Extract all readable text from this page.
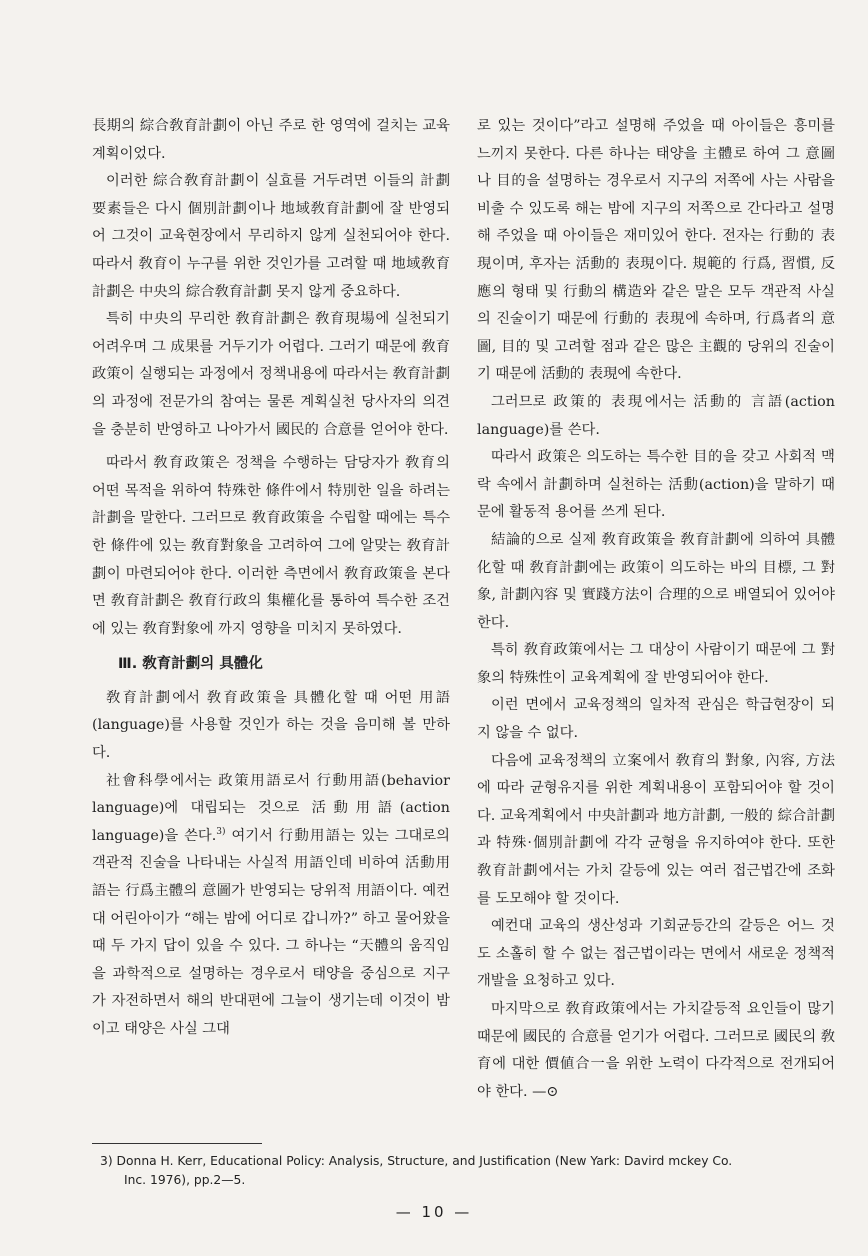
長期의 綜合敎育計劃이 아닌 주로 한 영역에 걸치는 교육계획이었다.

이러한 綜合敎育計劃이 실효를 거두려면 이들의 計劃要素들은 다시 個別計劃이나 地域敎育計劃에 잘 반영되어 그것이 교육현장에서 무리하지 않게 실천되어야 한다. 따라서 敎育이 누구를 위한 것인가를 고려할 때 地域敎育計劃은 中央의 綜合敎育計劃 못지 않게 중요하다.

특히 中央의 무리한 敎育計劃은 敎育現場에 실천되기 어려우며 그 成果를 거두기가 어렵다. 그러기 때문에 敎育政策이 실행되는 과정에서 정책내용에 따라서는 敎育計劃의 과정에 전문가의 참여는 물론 계획실천 당사자의 의견을 충분히 반영하고 나아가서 國民的 合意를 얻어야 한다.

따라서 敎育政策은 정책을 수행하는 담당자가 敎育의 어떤 목적을 위하여 特殊한 條件에서 特別한 일을 하려는 計劃을 말한다. 그러므로 敎育政策을 수립할 때에는 특수한 條件에 있는 敎育對象을 고려하여 그에 알맞는 敎育計劃이 마련되어야 한다. 이러한 측면에서 敎育政策을 본다면 敎育計劃은 敎育行政의 集權化를 통하여 특수한 조건에 있는 敎育對象에 까지 영향을 미치지 못하였다.

Ⅲ. 敎育計劃의 具體化

敎育計劃에서 敎育政策을 具體化할 때 어떤 用語(language)를 사용할 것인가 하는 것을 음미해 볼 만하다.

社會科學에서는 政策用語로서 行動用語(behavior language)에 대립되는 것으로 活動用語(action language)을 쓴다.$^{3)}$ 여기서 行動用語는 있는 그대로의 객관적 진술을 나타내는 사실적 用語인데 비하여 活動用語는 行爲主體의 意圖가 반영되는 당위적 用語이다. 예컨대 어린아이가 “해는 밤에 어디로 갑니까?” 하고 물어왔을 때 두 가지 답이 있을 수 있다. 그 하나는 “天體의 움직임을 과학적으로 설명하는 경우로서 태양을 중심으로 지구가 자전하면서 해의 반대편에 그늘이 생기는데 이것이 밤이고 태양은 사실 그대

로 있는 것이다”라고 설명해 주었을 때 아이들은 흥미를 느끼지 못한다. 다른 하나는 태양을 主體로 하여 그 意圖나 目的을 설명하는 경우로서 지구의 저쪽에 사는 사람을 비출 수 있도록 해는 밤에 지구의 저쪽으로 간다라고 설명해 주었을 때 아이들은 재미있어 한다. 전자는 行動的 表現이며, 후자는 活動的 表現이다. 規範的 行爲, 習慣, 反應의 형태 및 行動의 構造와 같은 말은 모두 객관적 사실의 진술이기 때문에 行動的 表現에 속하며, 行爲者의 意圖, 目的 및 고려할 점과 같은 많은 主觀的 당위의 진술이기 때문에 活動的 表現에 속한다.

그러므로 政策的 表現에서는 活動的 言語(action language)를 쓴다.

따라서 政策은 의도하는 특수한 目的을 갖고 사회적 맥락 속에서 計劃하며 실천하는 活動(action)을 말하기 때문에 활동적 용어를 쓰게 된다.

結論的으로 실제 敎育政策을 敎育計劃에 의하여 具體化할 때 敎育計劃에는 政策이 의도하는 바의 目標, 그 對象, 計劃內容 및 實踐方法이 合理的으로 배열되어 있어야 한다.

특히 敎育政策에서는 그 대상이 사람이기 때문에 그 對象의 特殊性이 교육계획에 잘 반영되어야 한다.

이런 면에서 교육정책의 일차적 관심은 학급현장이 되지 않을 수 없다.

다음에 교육정책의 立案에서 敎育의 對象, 內容, 方法에 따라 균형유지를 위한 계획내용이 포함되어야 할 것이다. 교육계획에서 中央計劃과 地方計劃, 一般的 綜合計劃과 特殊·個別計劃에 각각 균형을 유지하여야 한다. 또한 敎育計劃에서는 가치 갈등에 있는 여러 접근법간에 조화를 도모해야 할 것이다.

예컨대 교육의 생산성과 기회균등간의 갈등은 어느 것도 소홀히 할 수 없는 접근법이라는 면에서 새로운 정책적 개발을 요청하고 있다.

마지막으로 敎育政策에서는 가치갈등적 요인들이 많기 때문에 國民的 合意를 얻기가 어렵다. 그러므로 國民의 敎育에 대한 價値合一을 위한 노력이 다각적으로 전개되어야 한다. —⊙

3) Donna H. Kerr, Educational Policy: Analysis, Structure, and Justification (New Yark: Davird mckey Co.
Inc. 1976), pp.2—5.
— 10 —
